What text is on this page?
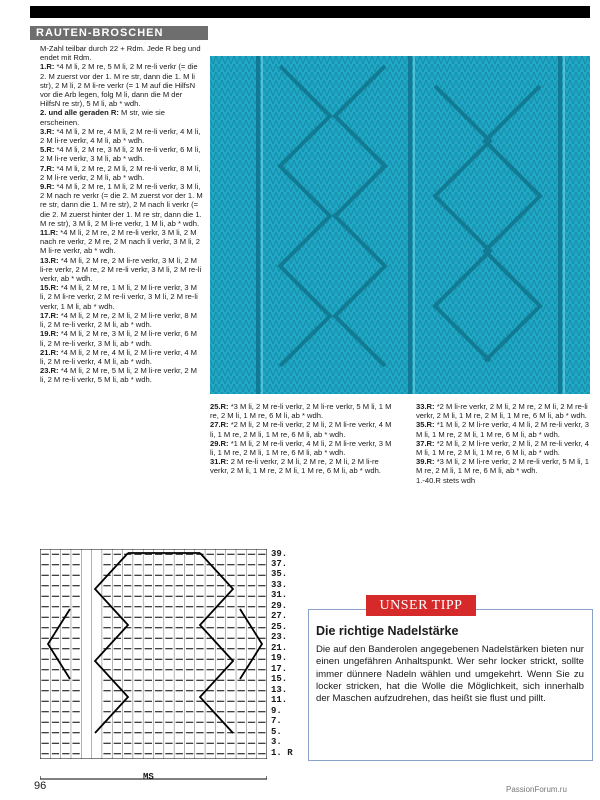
RAUTEN-BROSCHEN

M-Zahl teilbar durch 22 + Rdm. Jede R beg und endet mit Rdm.

1.R: *4 M li, 2 M re, 5 M li, 2 M re-li verkr (= die 2. M zuerst vor der 1. M re str, dann die 1. M li str), 2 M li, 2 M li-re verkr (= 1 M auf die HilfsN vor die Arb legen, folg M li, dann die M der HilfsN re str), 5 M li, ab * wdh.

2. und alle geraden R: M str, wie sie erscheinen.

3.R: *4 M li, 2 M re, 4 M li, 2 M re-li verkr, 4 M li, 2 M li-re verkr, 4 M li, ab * wdh.

5.R: *4 M li, 2 M re, 3 M li, 2 M re-li verkr, 6 M li, 2 M li-re verkr, 3 M li, ab * wdh.

7.R: *4 M li, 2 M re, 2 M li, 2 M re-li verkr, 8 M li, 2 M li-re verkr, 2 M li, ab * wdh.

9.R: *4 M li, 2 M re, 1 M li, 2 M re-li verkr, 3 M li, 2 M nach re verkr (= die 2. M zuerst vor der 1. M re str, dann die 1. M re str), 2 M nach li verkr (= die 2. M zuerst hinter der 1. M re str, dann die 1. M re str), 3 M li, 2 M li-re verkr, 1 M li, ab * wdh.

11.R: *4 M li, 2 M re, 2 M re-li verkr, 3 M li, 2 M nach re verkr, 2 M re, 2 M nach li verkr, 3 M li, 2 M li-re verkr, ab * wdh.

13.R: *4 M li, 2 M re, 2 M li-re verkr, 3 M li, 2 M li-re verkr, 2 M re, 2 M re-li verkr, 3 M li, 2 M re-li verkr, ab * wdh.

15.R: *4 M li, 2 M re, 1 M li, 2 M li-re verkr, 3 M li, 2 M li-re verkr, 2 M re-li verkr, 3 M li, 2 M re-li verkr, 1 M li, ab * wdh.

17.R: *4 M li, 2 M re, 2 M li, 2 M li-re verkr, 8 M li, 2 M re-li verkr, 2 M li, ab * wdh.

19.R: *4 M li, 2 M re, 3 M li, 2 M li-re verkr, 6 M li, 2 M re-li verkr, 3 M li, ab * wdh.

21.R: *4 M li, 2 M re, 4 M li, 2 M li-re verkr, 4 M li, 2 M re-li verkr, 4 M li, ab * wdh.

23.R: *4 M li, 2 M re, 5 M li, 2 M li-re verkr, 2 M li, 2 M re-li verkr, 5 M li, ab * wdh.

25.R: *3 M li, 2 M re-li verkr, 2 M li-re verkr, 5 M li, 1 M re, 2 M li, 1 M re, 6 M li, ab * wdh.

27.R: *2 M li, 2 M re-li verkr, 2 M li, 2 M li-re verkr, 4 M li, 1 M re, 2 M li, 1 M re, 6 M li, ab * wdh.

29.R: *1 M li, 2 M re-li verkr, 4 M li, 2 M li-re verkr, 3 M li, 1 M re, 2 M li, 1 M re, 6 M li, ab * wdh.

31.R: 2 M re-li verkr, 2 M li, 2 M re, 2 M li, 2 M li-re verkr, 2 M li, 1 M re, 2 M li, 1 M re, 6 M li, ab * wdh.

33.R: *2 M li-re verkr, 2 M li, 2 M re, 2 M li, 2 M re-li verkr, 2 M li, 1 M re, 2 M li, 1 M re, 6 M li, ab * wdh.

35.R: *1 M li, 2 M li-re verkr, 4 M li, 2 M re-li verkr, 3 M li, 1 M re, 2 M li, 1 M re, 6 M li, ab * wdh.

37.R: *2 M li, 2 M li-re verkr, 2 M li, 2 M re-li verkr, 4 M li, 1 M re, 2 M li, 1 M re, 6 M li, ab * wdh.

39.R: *3 M li, 2 M li-re verkr, 2 M re-li verkr, 5 M li, 1 M re, 2 M li, 1 M re, 6 M li, ab * wdh.

1.-40.R stets wdh

39.
37.
35.
33.
31.
29.
27.
25.
23.
21.
19.
17.
15.
13.
11.
9.
7.
5.
3.
1. R
MS
UNSER TIPP
Die richtige Nadelstärke
Die auf den Banderolen angegebenen Nadelstärken bieten nur einen ungefähren Anhaltspunkt. Wer sehr locker strickt, sollte immer dünnere Nadeln wählen und umgekehrt. Wenn Sie zu locker stricken, hat die Wolle die Möglichkeit, sich innerhalb der Maschen aufzudrehen, das heißt sie flust und pillt.
96	PassionForum.ru
